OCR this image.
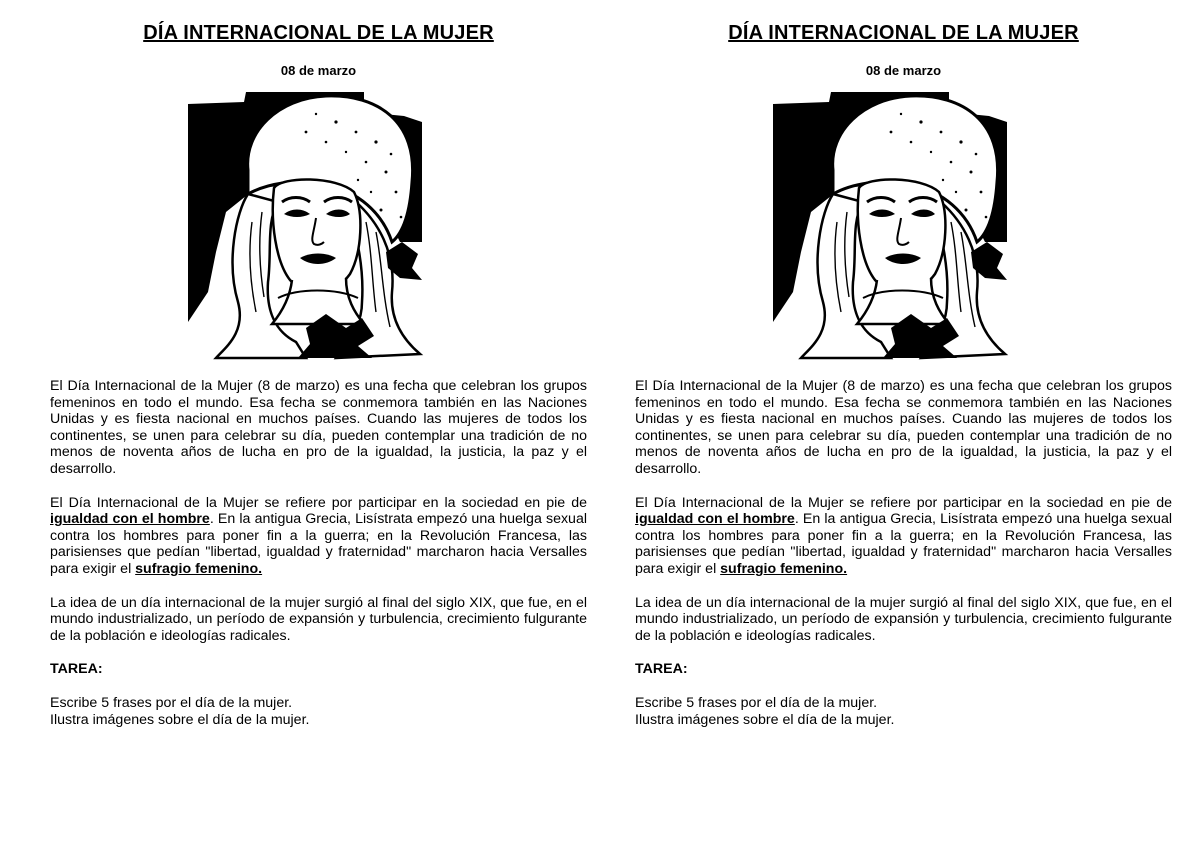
DÍA INTERNACIONAL DE LA MUJER
08 de marzo

El Día Internacional de la Mujer (8 de marzo) es una fecha que celebran los grupos femeninos en todo el mundo. Esa fecha se conmemora también en las Naciones Unidas y es fiesta nacional en muchos países. Cuando las mujeres de todos los continentes, se unen para celebrar su día, pueden contemplar una tradición de no menos de noventa años de lucha en pro de la igualdad, la justicia, la paz y el desarrollo.

El Día Internacional de la Mujer se refiere por participar en la sociedad en pie de igualdad con el hombre. En la antigua Grecia, Lisístrata empezó una huelga sexual contra los hombres para poner fin a la guerra; en la Revolución Francesa, las parisienses que pedían "libertad, igualdad y fraternidad" marcharon hacia Versalles para exigir el sufragio femenino.

La idea de un día internacional de la mujer surgió al final del siglo XIX, que fue, en el mundo industrializado, un período de expansión y turbulencia, crecimiento fulgurante de la población e ideologías radicales.

TAREA:
Escribe 5 frases por el día de la mujer.
Ilustra imágenes sobre el día de la mujer.
DÍA INTERNACIONAL DE LA MUJER
08 de marzo

El Día Internacional de la Mujer (8 de marzo) es una fecha que celebran los grupos femeninos en todo el mundo. Esa fecha se conmemora también en las Naciones Unidas y es fiesta nacional en muchos países. Cuando las mujeres de todos los continentes, se unen para celebrar su día, pueden contemplar una tradición de no menos de noventa años de lucha en pro de la igualdad, la justicia, la paz y el desarrollo.

El Día Internacional de la Mujer se refiere por participar en la sociedad en pie de igualdad con el hombre. En la antigua Grecia, Lisístrata empezó una huelga sexual contra los hombres para poner fin a la guerra; en la Revolución Francesa, las parisienses que pedían "libertad, igualdad y fraternidad" marcharon hacia Versalles para exigir el sufragio femenino.

La idea de un día internacional de la mujer surgió al final del siglo XIX, que fue, en el mundo industrializado, un período de expansión y turbulencia, crecimiento fulgurante de la población e ideologías radicales.

TAREA:
Escribe 5 frases por el día de la mujer.
Ilustra imágenes sobre el día de la mujer.
